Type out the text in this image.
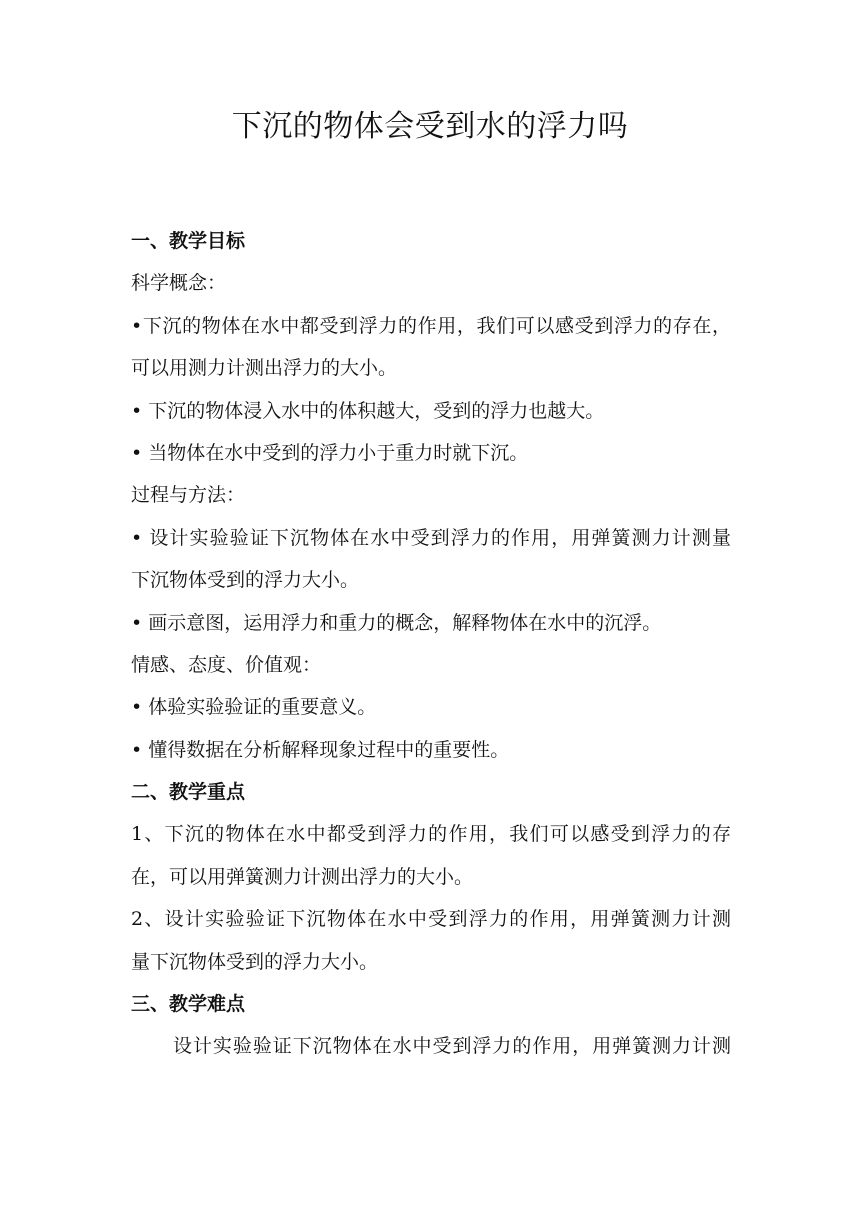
下沉的物体会受到水的浮力吗
一、教学目标
科学概念：
•下沉的物体在水中都受到浮力的作用，我们可以感受到浮力的存在，
可以用测力计测出浮力的大小。
• 下沉的物体浸入水中的体积越大，受到的浮力也越大。
• 当物体在水中受到的浮力小于重力时就下沉。
过程与方法：
• 设计实验验证下沉物体在水中受到浮力的作用，用弹簧测力计测量
下沉物体受到的浮力大小。
• 画示意图，运用浮力和重力的概念，解释物体在水中的沉浮。
情感、态度、价值观：
• 体验实验验证的重要意义。
• 懂得数据在分析解释现象过程中的重要性。
二、教学重点
1、下沉的物体在水中都受到浮力的作用，我们可以感受到浮力的存
在，可以用弹簧测力计测出浮力的大小。
2、设计实验验证下沉物体在水中受到浮力的作用，用弹簧测力计测
量下沉物体受到的浮力大小。
三、教学难点
设计实验验证下沉物体在水中受到浮力的作用，用弹簧测力计测
